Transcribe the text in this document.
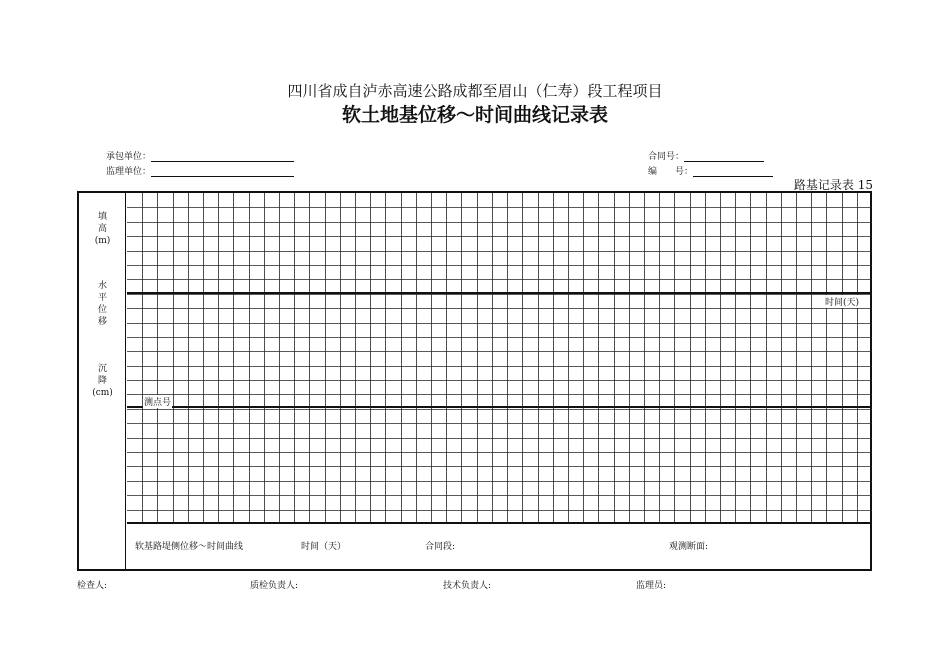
四川省成自泸赤高速公路成都至眉山（仁寿）段工程项目
软土地基位移～时间曲线记录表
承包单位：
监理单位：
合同号：
编　　号：
路基记录表 15
填
高
(m)
水
平
位
移
沉
降
(cm)
时间(天)
测点号
软基路堤侧位移～时间曲线	时间（天）	合同段:	观测断面:
检查人:	质检负责人:	技术负责人:	监理员:
